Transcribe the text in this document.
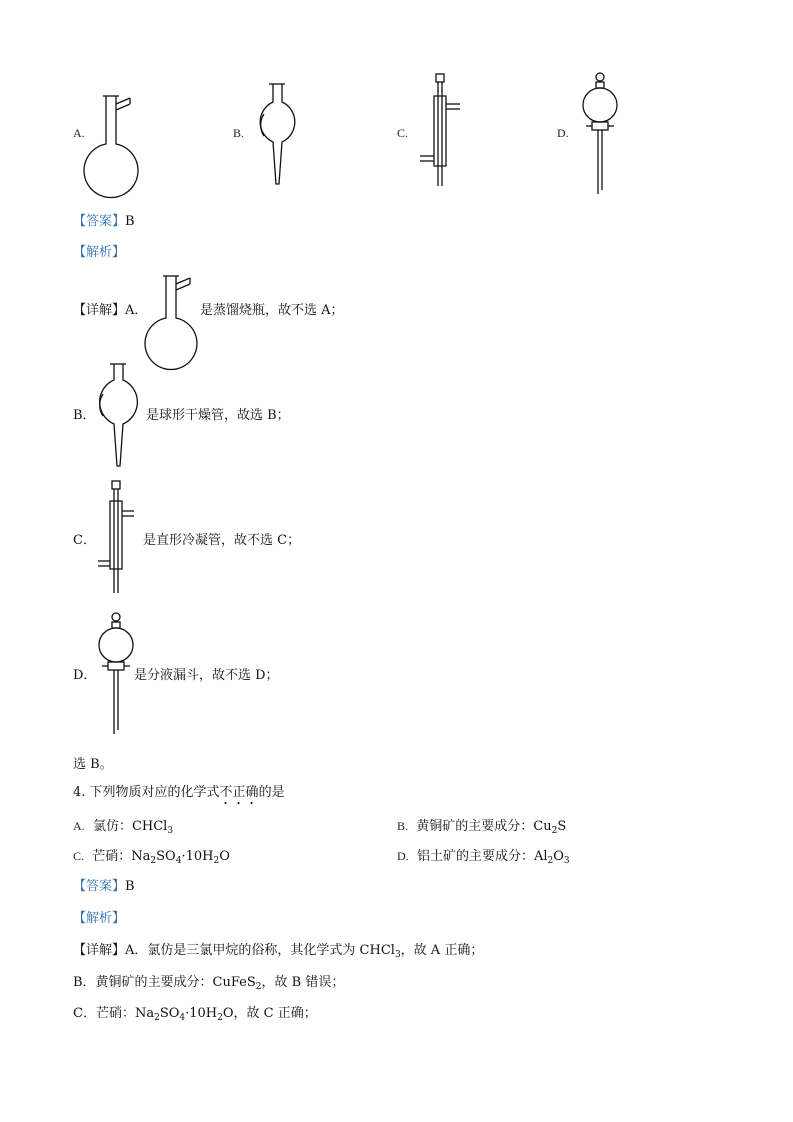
A.	B.	C.	D.
【答案】B
【解析】
【详解】A．	是蒸馏烧瓶，故不选 A；
B．	是球形干燥管，故选 B；
C．	是直形冷凝管，故不选 C；
D．	是分液漏斗，故不选 D；
选 B。
4. 下列物质对应的化学式不正确的是
A. 氯仿：CHCl$_3$	B. 黄铜矿的主要成分：$Cu_2S$
C. 芒硝：$Na_2SO_4\cdot 10H_2O$	D. 铝土矿的主要成分：$Al_2O_3$
【答案】B
【解析】
【详解】A．氯仿是三氯甲烷的俗称，其化学式为 CHCl$_3$，故 A 正确；
B．黄铜矿的主要成分：CuFeS$_2$，故 B 错误；
C．芒硝：$Na_2SO_4\cdot 10H_2O$，故 C 正确；
